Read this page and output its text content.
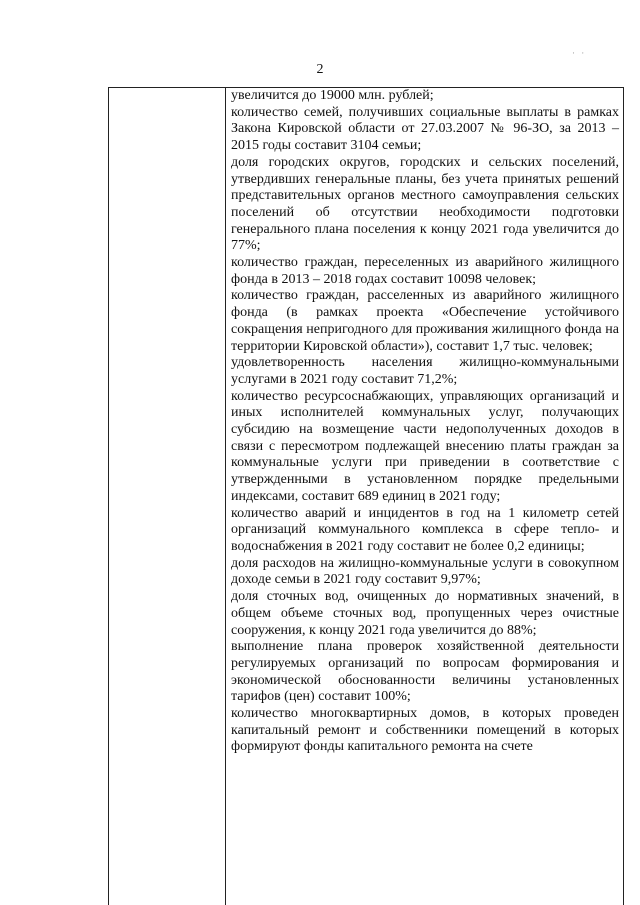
2
· ·

увеличится до 19000 млн. рублей;

количество семей, получивших социальные выплаты в рамках Закона Кировской области от 27.03.2007 № 96-ЗО, за 2013 – 2015 годы составит 3104 семьи;

доля городских округов, городских и сельских поселений, утвердивших генеральные планы, без учета принятых решений представительных органов местного самоуправления сельских поселений об отсутствии необходимости подготовки генерального плана поселения к концу 2021 года увеличится до 77%;

количество граждан, переселенных из аварийного жилищного фонда в 2013 – 2018 годах составит 10098 человек;

количество граждан, расселенных из аварийного жилищного фонда (в рамках проекта «Обеспечение устойчивого сокращения непригодного для проживания жилищного фонда на территории Кировской области»), составит 1,7 тыс. человек;

удовлетворенность населения жилищно-коммунальными услугами в 2021 году составит 71,2%;

количество ресурсоснабжающих, управляющих организаций и иных исполнителей коммунальных услуг, получающих субсидию на возмещение части недополученных доходов в связи с пересмотром подлежащей внесению платы граждан за коммунальные услуги при приведении в соответствие с утвержденными в установленном порядке предельными индексами, составит 689 единиц в 2021 году;

количество аварий и инцидентов в год на 1 километр сетей организаций коммунального комплекса в сфере тепло- и водоснабжения в 2021 году составит не более 0,2 единицы;

доля расходов на жилищно-коммунальные услуги в совокупном доходе семьи в 2021 году составит 9,97%;

доля сточных вод, очищенных до нормативных значений, в общем объеме сточных вод, пропущенных через очистные сооружения, к концу 2021 года увеличится до 88%;

выполнение плана проверок хозяйственной деятельности регулируемых организаций по вопросам формирования и экономической обоснованности величины установленных тарифов (цен) составит 100%;

количество многоквартирных домов, в которых проведен капитальный ремонт и собственники помещений в которых формируют фонды капитального ремонта на счете
